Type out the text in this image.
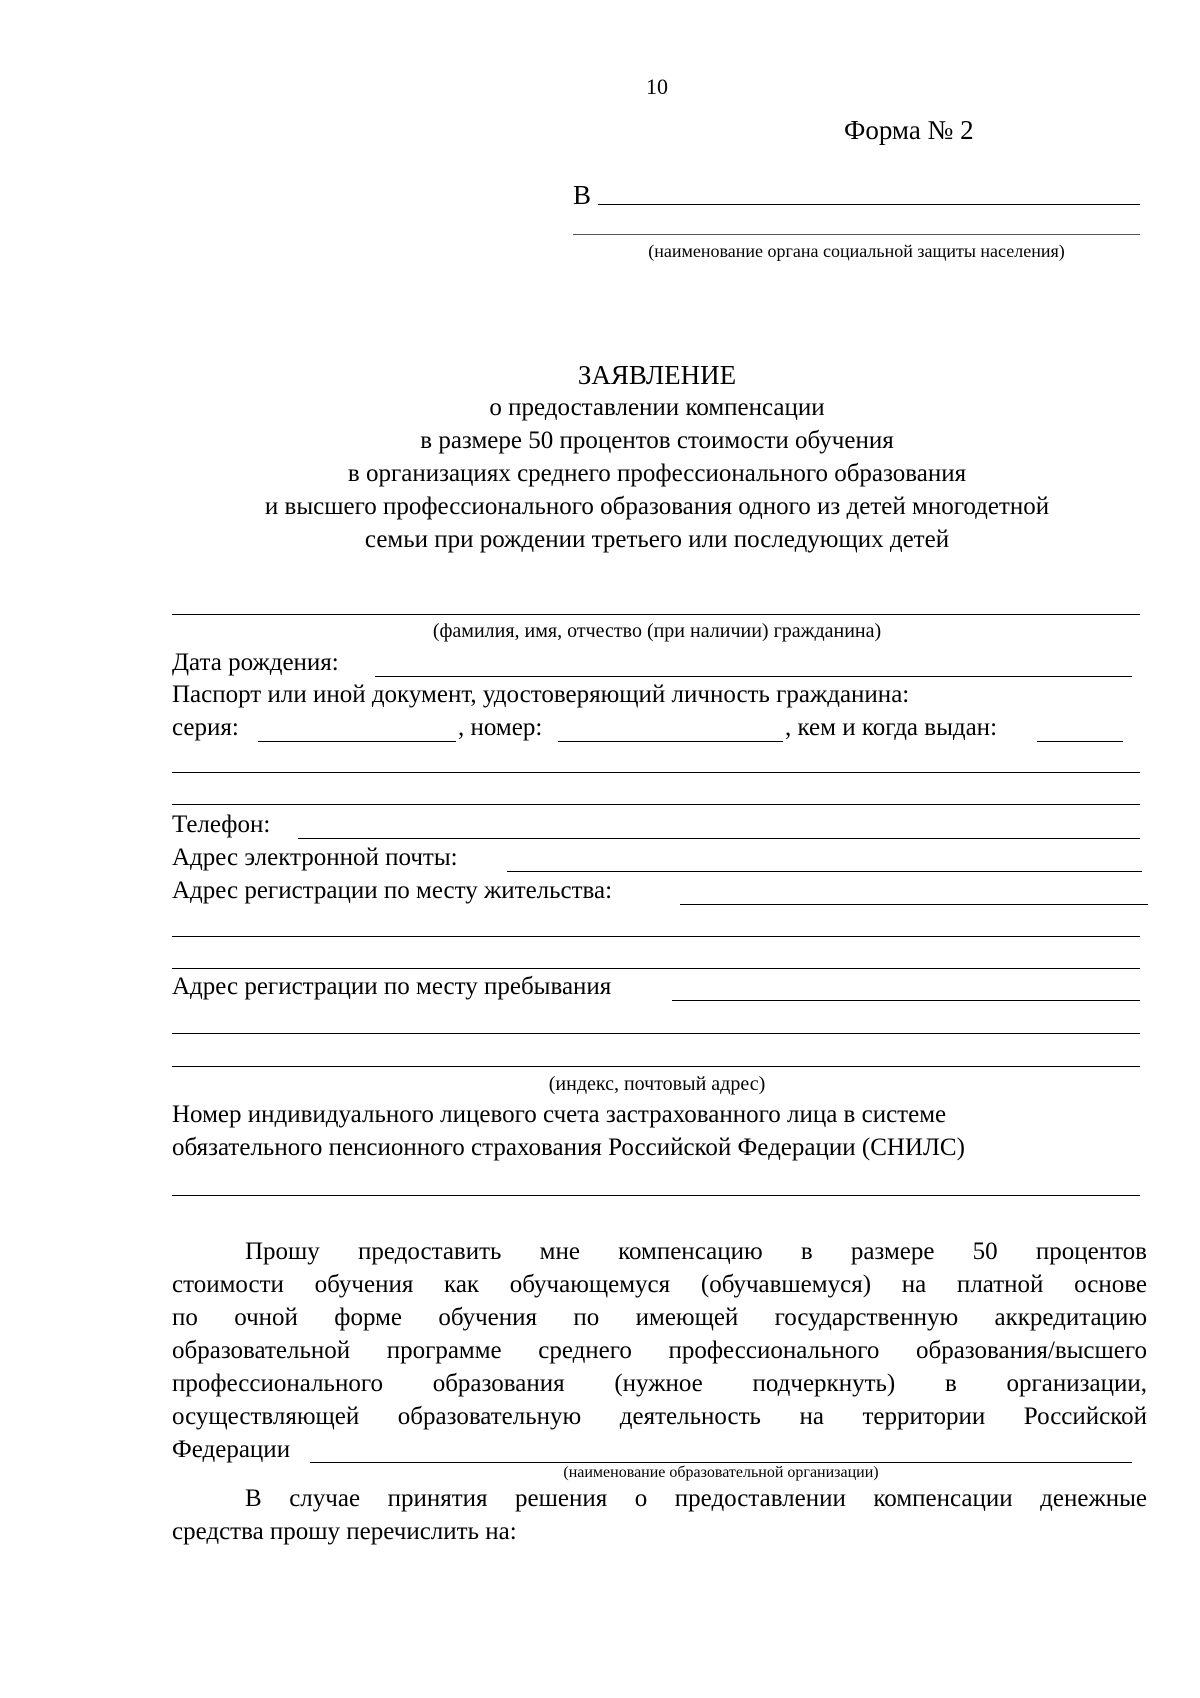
10
Форма № 2
В
(наименование органа социальной защиты населения)
ЗАЯВЛЕНИЕ
о предоставлении компенсации
в размере 50 процентов стоимости обучения
в организациях среднего профессионального образования
и высшего профессионального образования одного из детей многодетной
семьи при рождении третьего или последующих детей
(фамилия, имя, отчество (при наличии) гражданина)
Дата рождения:
Паспорт или иной документ, удостоверяющий личность гражданина:
серия:	, номер:	, кем и когда выдан:
Телефон:
Адрес электронной почты:
Адрес регистрации по месту жительства:
Адрес регистрации по месту пребывания
(индекс, почтовый адрес)
Номер индивидуального лицевого счета застрахованного лица в системе
обязательного пенсионного страхования Российской Федерации (СНИЛС)
Прошу предоставить мне компенсацию в размере 50 процентов
стоимости обучения как обучающемуся (обучавшемуся) на платной основе
по очной форме обучения по имеющей государственную аккредитацию
образовательной программе среднего профессионального образования/высшего
профессионального образования (нужное подчеркнуть) в организации,
осуществляющей образовательную деятельность на территории Российской
Федерации
(наименование образовательной организации)
В случае принятия решения о предоставлении компенсации денежные
средства прошу перечислить на:
